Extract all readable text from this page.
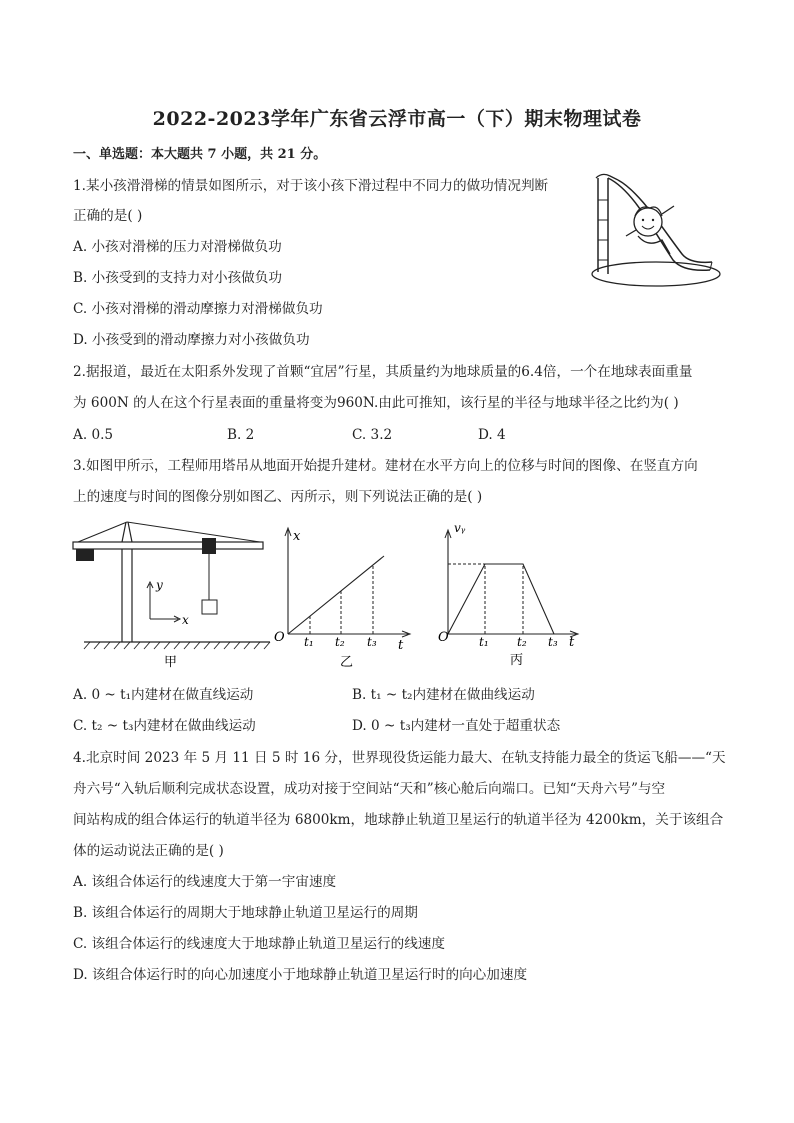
2022-2023学年广东省云浮市高一（下）期末物理试卷
一、单选题：本大题共 7 小题，共 21 分。
1.某小孩滑滑梯的情景如图所示，对于该小孩下滑过程中不同力的做功情况判断
正确的是( )
A. 小孩对滑梯的压力对滑梯做负功
B. 小孩受到的支持力对小孩做负功
C. 小孩对滑梯的滑动摩擦力对滑梯做负功
D. 小孩受到的滑动摩擦力对小孩做负功
2.据报道，最近在太阳系外发现了首颗“宜居”行星，其质量约为地球质量的6.4倍，一个在地球表面重量
为 600N 的人在这个行星表面的重量将变为960N.由此可推知，该行星的半径与地球半径之比约为( )
A. 0.5	B. 2	C. 3.2	D. 4
3.如图甲所示，工程师用塔吊从地面开始提升建材。建材在水平方向上的位移与时间的图像、在竖直方向
上的速度与时间的图像分别如图乙、丙所示，则下列说法正确的是( )
y
x
甲
x
O
t
t₁ t₂ t₃
乙
vᵧ
O	t
t₁ t₂ t₃
丙
A. 0 ~ t₁内建材在做直线运动	B. t₁ ~ t₂内建材在做曲线运动
C. t₂ ~ t₃内建材在做曲线运动	D. 0 ~ t₃内建材一直处于超重状态
4.北京时间 2023 年 5 月 11 日 5 时 16 分，世界现役货运能力最大、在轨支持能力最全的货运飞船——“天
舟六号“入轨后顺利完成状态设置，成功对接于空间站“天和”核心舱后向端口。已知“天舟六号”与空
间站构成的组合体运行的轨道半径为 6800km，地球静止轨道卫星运行的轨道半径为 4200km，关于该组合
体的运动说法正确的是( )
A. 该组合体运行的线速度大于第一宇宙速度
B. 该组合体运行的周期大于地球静止轨道卫星运行的周期
C. 该组合体运行的线速度大于地球静止轨道卫星运行的线速度
D. 该组合体运行时的向心加速度小于地球静止轨道卫星运行时的向心加速度
